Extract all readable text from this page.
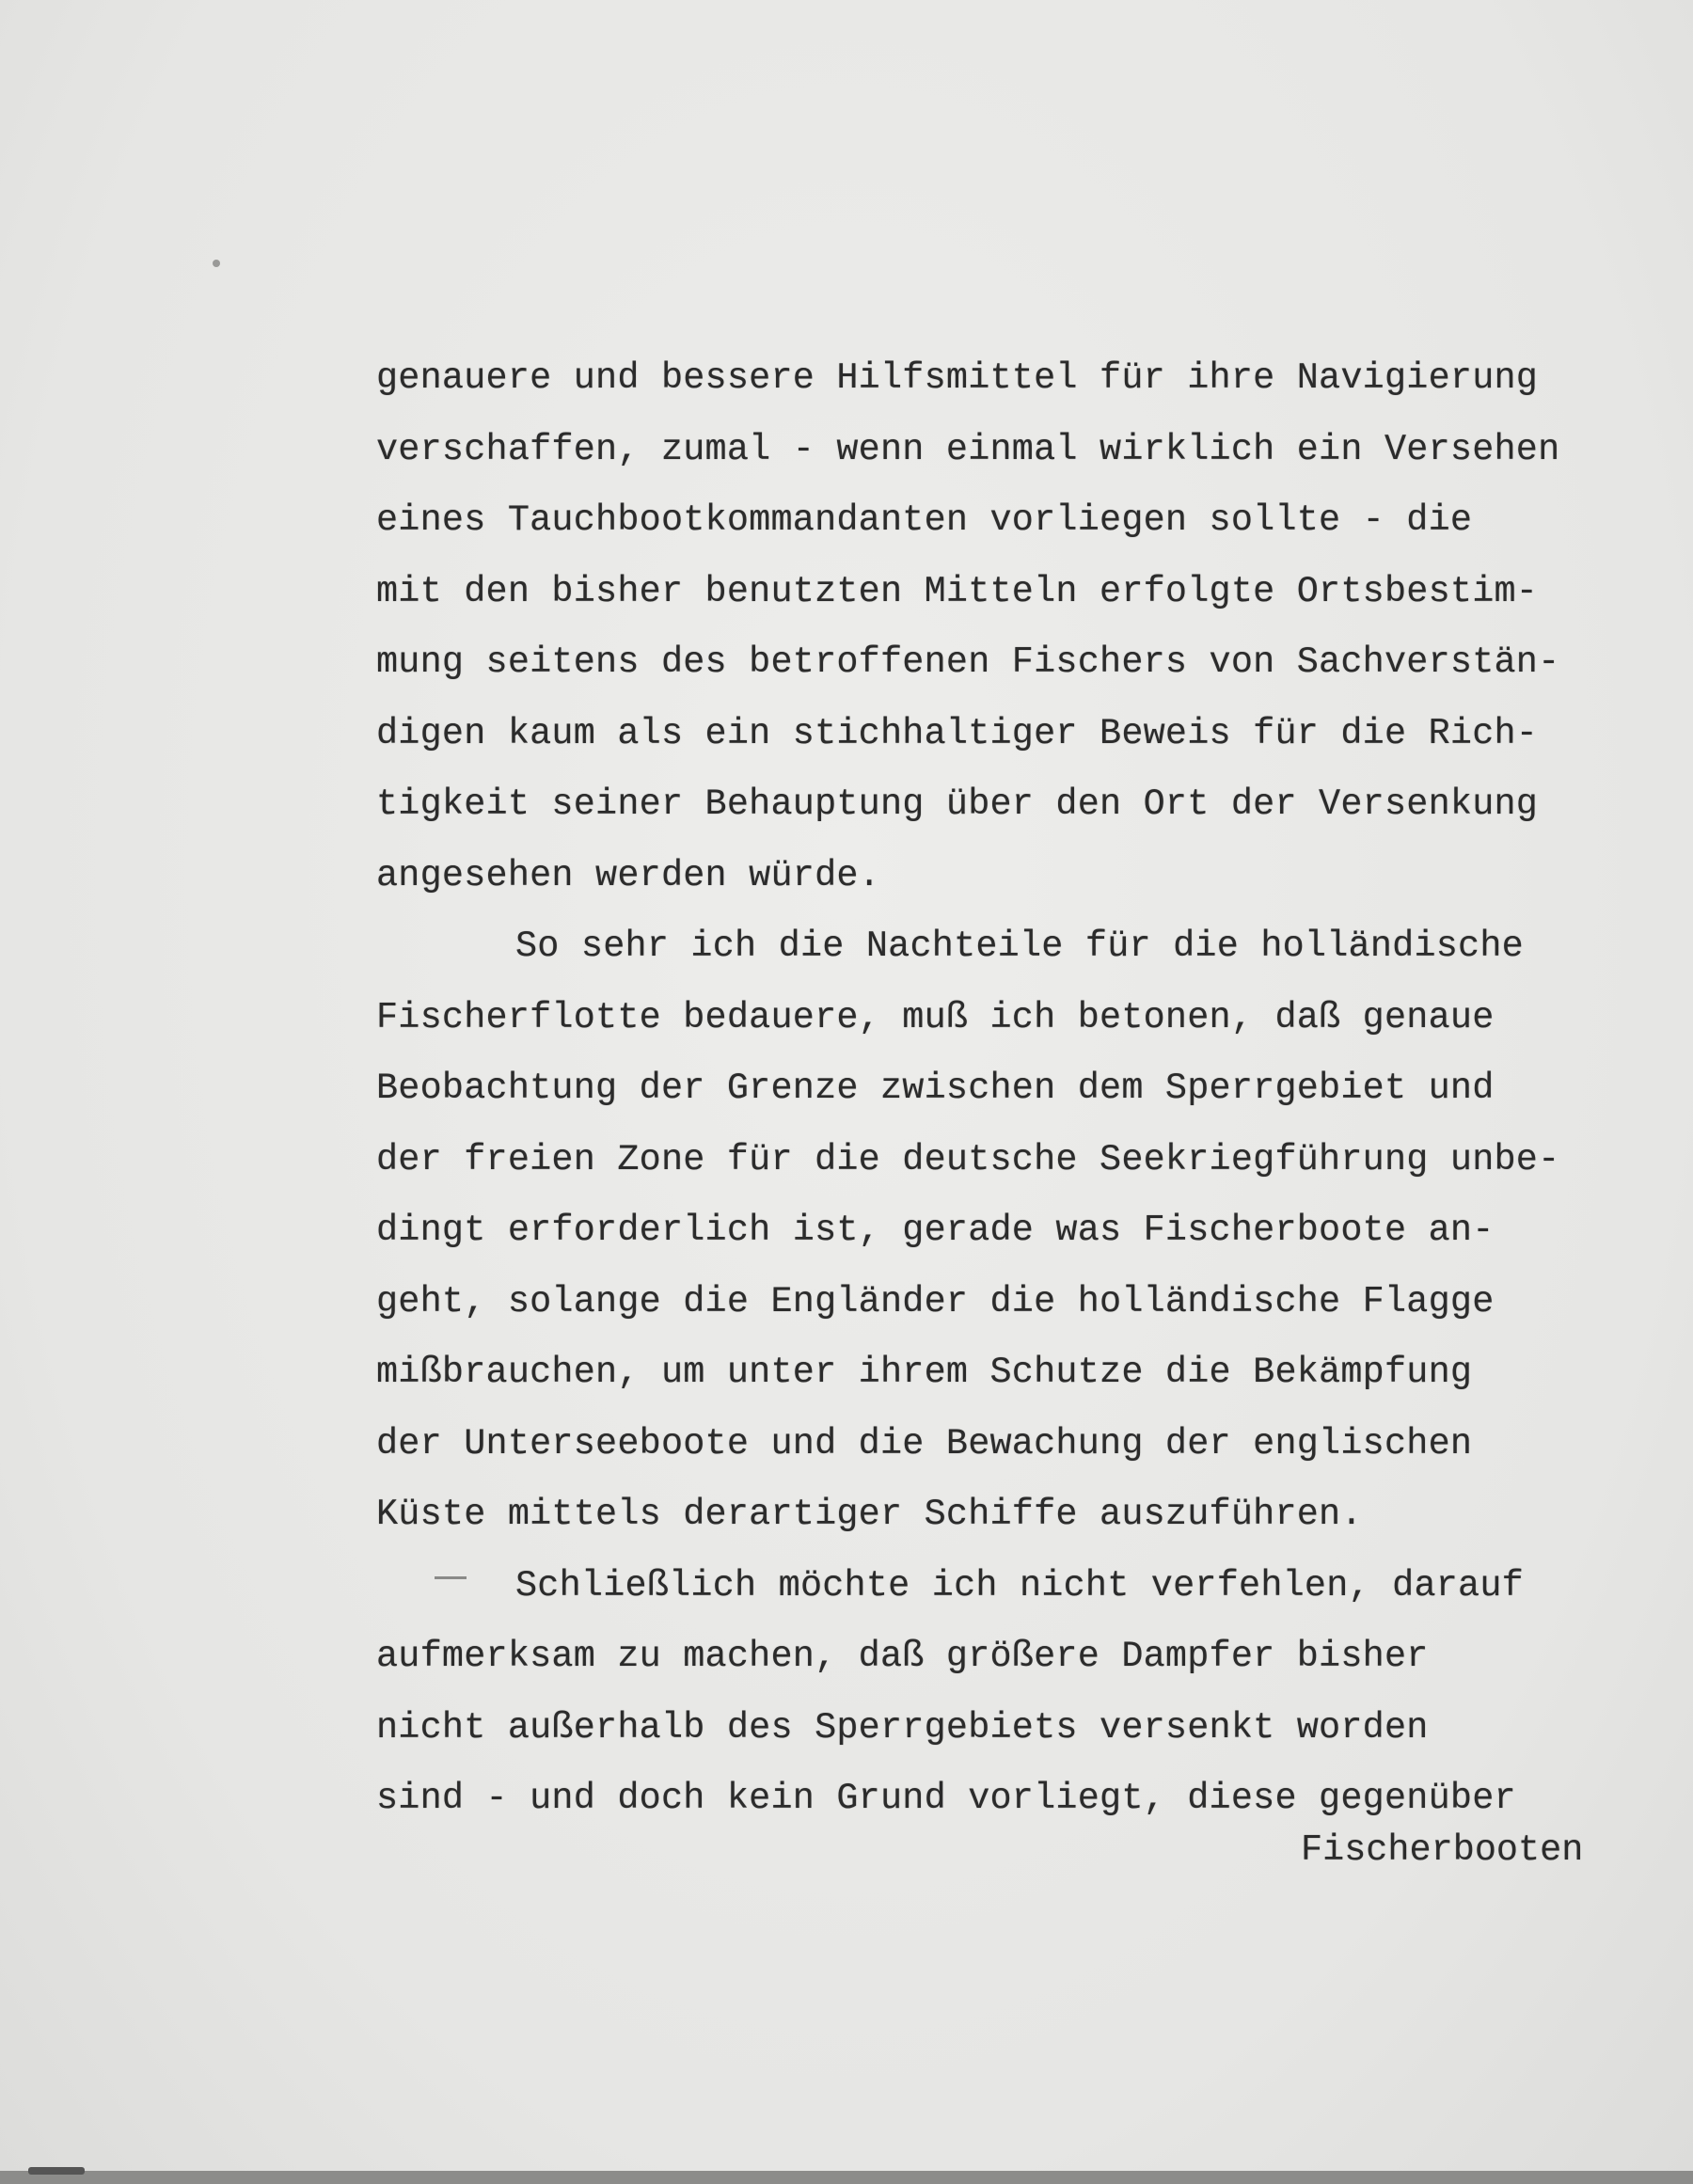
genauere und bessere Hilfsmittel für ihre Navigierung
verschaffen, zumal - wenn einmal wirklich ein Versehen
eines Tauchbootkommandanten vorliegen sollte - die
mit den bisher benutzten Mitteln erfolgte Ortsbestim-
mung seitens des betroffenen Fischers von Sachverstän-
digen kaum als ein stichhaltiger Beweis für die Rich-
tigkeit seiner Behauptung über den Ort der Versenkung
angesehen werden würde.
So sehr ich die Nachteile für die holländische
Fischerflotte bedauere, muß ich betonen, daß genaue
Beobachtung der Grenze zwischen dem Sperrgebiet und
der freien Zone für die deutsche Seekriegführung unbe-
dingt erforderlich ist, gerade was Fischerboote an-
geht, solange die Engländer die holländische Flagge
mißbrauchen, um unter ihrem Schutze die Bekämpfung
der Unterseeboote und die Bewachung der englischen
Küste mittels derartiger Schiffe auszuführen.
Schließlich möchte ich nicht verfehlen, darauf
aufmerksam zu machen, daß größere Dampfer bisher
nicht außerhalb des Sperrgebiets versenkt worden
sind - und doch kein Grund vorliegt, diese gegenüber
Fischerbooten
